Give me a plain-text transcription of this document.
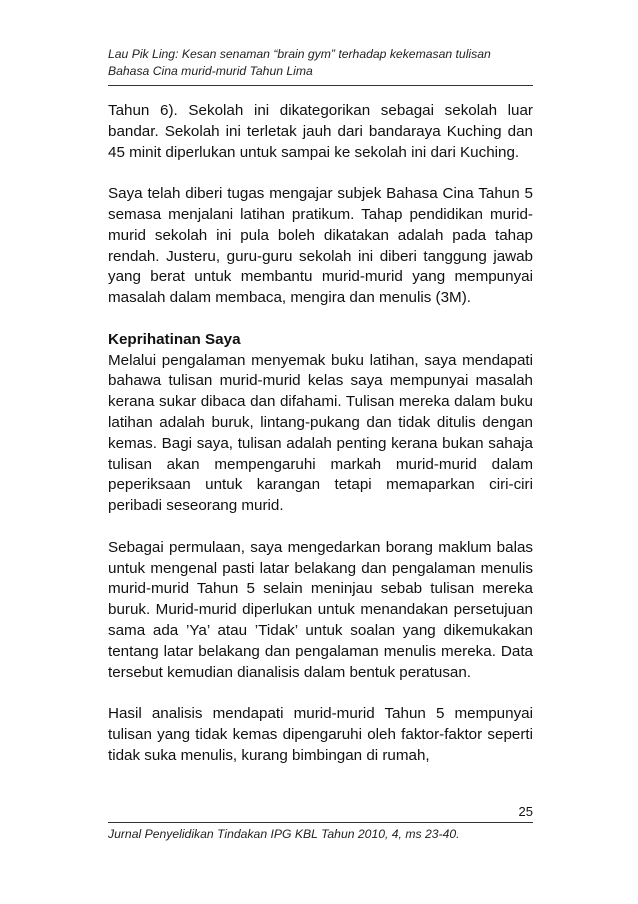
Lau Pik Ling: Kesan senaman “brain gym” terhadap kekemasan tulisan
Bahasa Cina murid-murid Tahun Lima

Tahun 6). Sekolah ini dikategorikan sebagai sekolah luar bandar. Sekolah ini terletak jauh dari bandaraya Kuching dan 45 minit diperlukan untuk sampai ke sekolah ini dari Kuching.

Saya telah diberi tugas mengajar subjek Bahasa Cina Tahun 5 semasa menjalani latihan pratikum. Tahap pendidikan murid-murid sekolah ini pula boleh dikatakan adalah pada tahap rendah. Justeru, guru-guru sekolah ini diberi tanggung jawab yang berat untuk membantu murid-murid yang mempunyai masalah dalam membaca, mengira dan menulis (3M).

Keprihatinan Saya

Melalui pengalaman menyemak buku latihan, saya mendapati bahawa tulisan murid-murid kelas saya mempunyai masalah kerana sukar dibaca dan difahami. Tulisan mereka dalam buku latihan adalah buruk, lintang-pukang dan tidak ditulis dengan kemas. Bagi saya, tulisan adalah penting kerana bukan sahaja tulisan akan mempengaruhi markah murid-murid dalam peperiksaan untuk karangan tetapi memaparkan ciri-ciri peribadi seseorang murid.

Sebagai permulaan, saya mengedarkan borang maklum balas untuk mengenal pasti latar belakang dan pengalaman menulis murid-murid Tahun 5 selain meninjau sebab tulisan mereka buruk. Murid-murid diperlukan untuk menandakan persetujuan sama ada ’Ya’ atau ’Tidak’ untuk soalan yang dikemukakan tentang latar belakang dan pengalaman menulis mereka. Data tersebut kemudian dianalisis dalam bentuk peratusan.

Hasil analisis mendapati murid-murid Tahun 5 mempunyai tulisan yang tidak kemas dipengaruhi oleh faktor-faktor seperti tidak suka menulis, kurang bimbingan di rumah,

25
Jurnal Penyelidikan Tindakan IPG KBL Tahun 2010, 4, ms 23-40.
